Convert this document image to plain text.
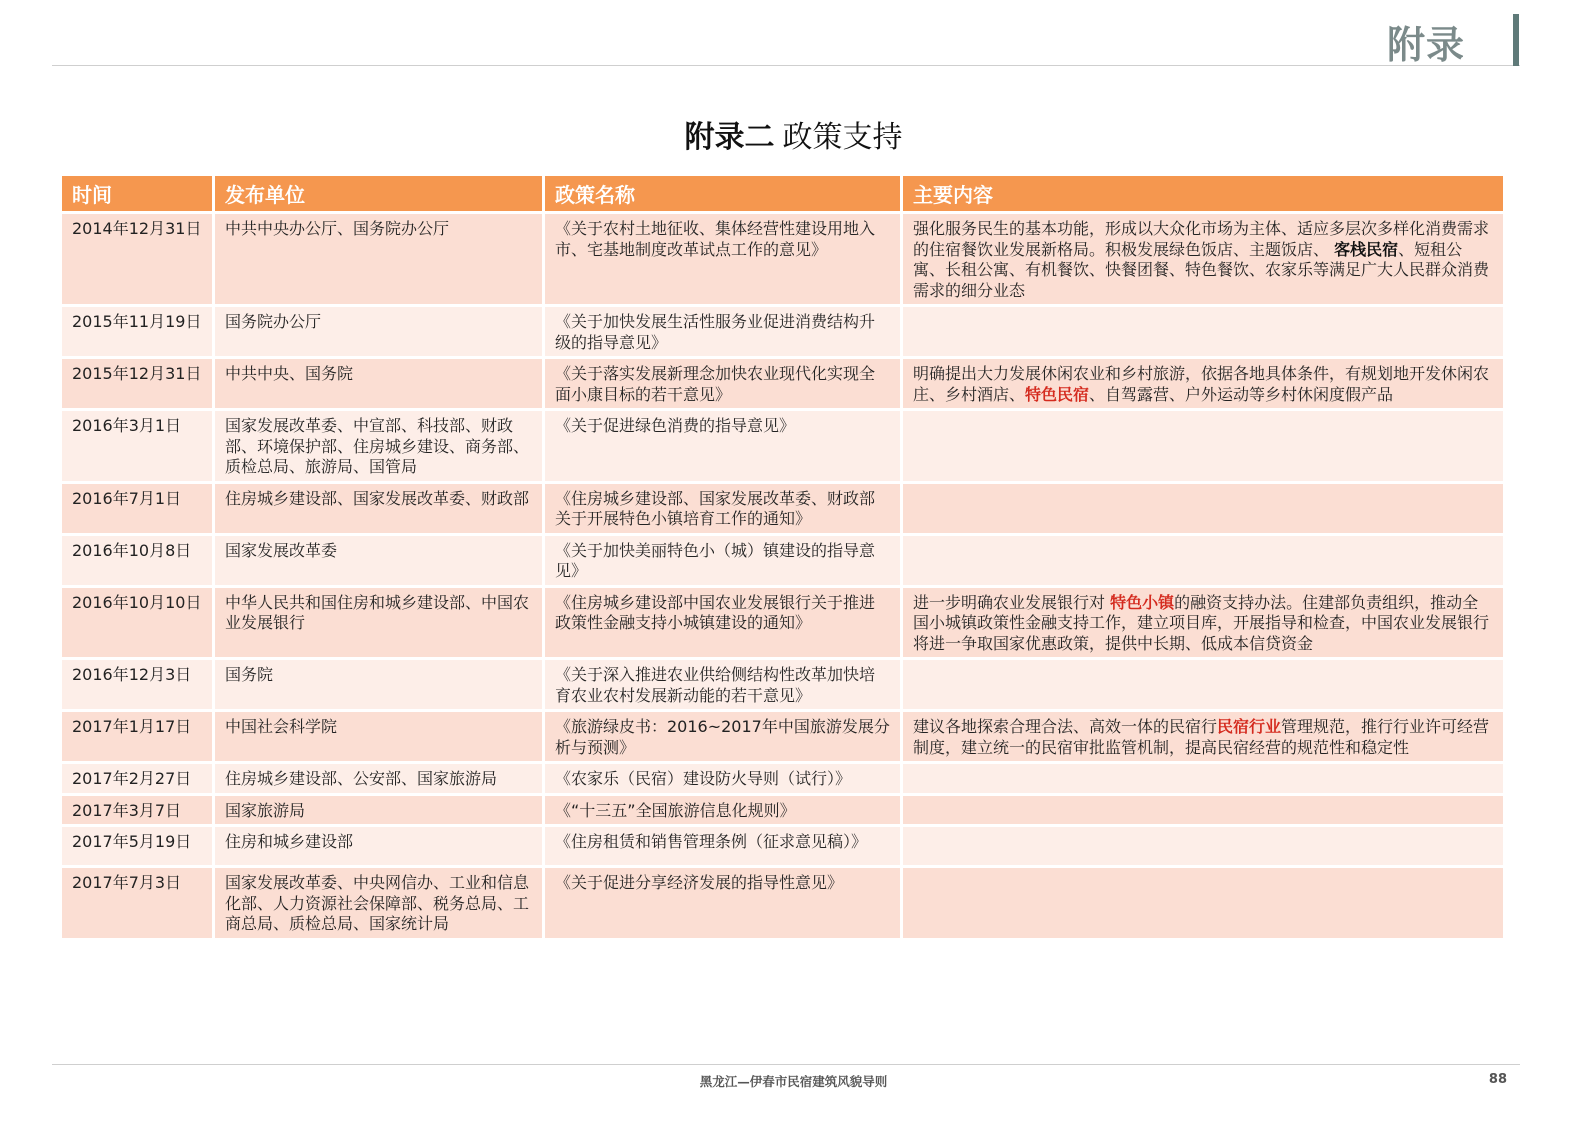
附录
附录二 政策支持
时间	发布单位	政策名称	主要内容
2014年12月31日	中共中央办公厅、国务院办公厅	《关于农村土地征收、集体经营性建设用地入市、宅基地制度改革试点工作的意见》	强化服务民生的基本功能，形成以大众化市场为主体、适应多层次多样化消费需求的住宿餐饮业发展新格局。积极发展绿色饭店、主题饭店、 客栈民宿、短租公寓、长租公寓、有机餐饮、快餐团餐、特色餐饮、农家乐等满足广大人民群众消费需求的细分业态
2015年11月19日	国务院办公厅	《关于加快发展生活性服务业促进消费结构升级的指导意见》	
2015年12月31日	中共中央、国务院	《关于落实发展新理念加快农业现代化实现全面小康目标的若干意见》	明确提出大力发展休闲农业和乡村旅游，依据各地具体条件，有规划地开发休闲农庄、乡村酒店、特色民宿、自驾露营、户外运动等乡村休闲度假产品
2016年3月1日	国家发展改革委、中宣部、科技部、财政部、环境保护部、住房城乡建设、商务部、质检总局、旅游局、国管局	《关于促进绿色消费的指导意见》	
2016年7月1日	住房城乡建设部、国家发展改革委、财政部	《住房城乡建设部、国家发展改革委、财政部关于开展特色小镇培育工作的通知》	
2016年10月8日	国家发展改革委	《关于加快美丽特色小（城）镇建设的指导意见》	
2016年10月10日	中华人民共和国住房和城乡建设部、中国农业发展银行	《住房城乡建设部中国农业发展银行关于推进政策性金融支持小城镇建设的通知》	进一步明确农业发展银行对 特色小镇的融资支持办法。住建部负责组织，推动全国小城镇政策性金融支持工作，建立项目库，开展指导和检查，中国农业发展银行将进一争取国家优惠政策，提供中长期、低成本信贷资金
2016年12月3日	国务院	《关于深入推进农业供给侧结构性改革加快培育农业农村发展新动能的若干意见》	
2017年1月17日	中国社会科学院	《旅游绿皮书：2016~2017年中国旅游发展分析与预测》	建议各地探索合理合法、高效一体的民宿行民宿行业管理规范，推行行业许可经营制度，建立统一的民宿审批监管机制，提高民宿经营的规范性和稳定性
2017年2月27日	住房城乡建设部、公安部、国家旅游局	《农家乐（民宿）建设防火导则（试行）》	
2017年3月7日	国家旅游局	《“十三五”全国旅游信息化规则》	
2017年5月19日	住房和城乡建设部	《住房租赁和销售管理条例（征求意见稿）》	
2017年7月3日	国家发展改革委、中央网信办、工业和信息化部、人力资源社会保障部、税务总局、工商总局、质检总局、国家统计局	《关于促进分享经济发展的指导性意见》	
黑龙江—伊春市民宿建筑风貌导则	88
